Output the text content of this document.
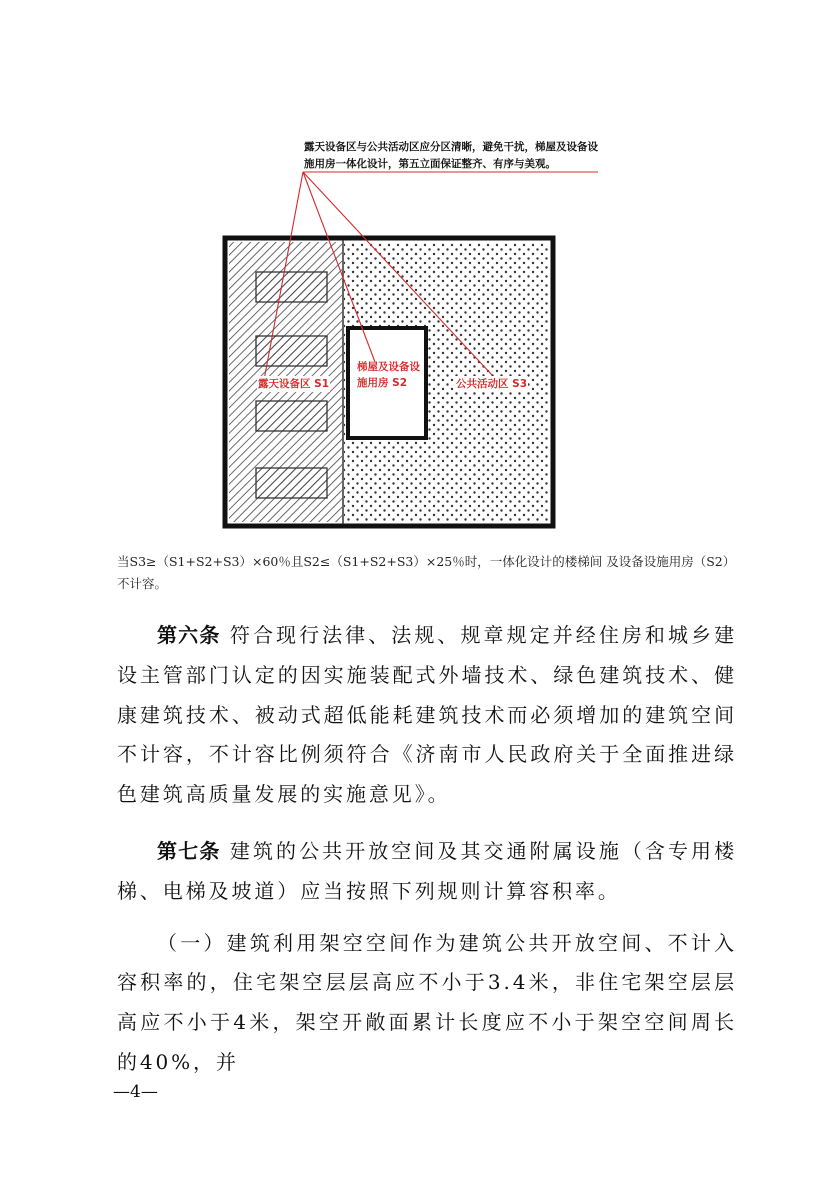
露天设备区与公共活动区应分区清晰，避免干扰，梯屋及设备设施用房一体化设计，第五立面保证整齐、有序与美观。
露天设备区 S1
梯屋及设备设施用房 S2	公共活动区 S3
当S3≥（S1+S2+S3）×60％且S2≤（S1+S2+S3）×25％时，一体化设计的楼梯间 及设备设施用房（S2）不计容。

第六条 符合现行法律、法规、规章规定并经住房和城乡建设主管部门认定的因实施装配式外墙技术、绿色建筑技术、健康建筑技术、被动式超低能耗建筑技术而必须增加的建筑空间不计容，不计容比例须符合《济南市人民政府关于全面推进绿色建筑高质量发展的实施意见》。

第七条 建筑的公共开放空间及其交通附属设施（含专用楼梯、电梯及坡道）应当按照下列规则计算容积率。

（一）建筑利用架空空间作为建筑公共开放空间、不计入容积率的，住宅架空层层高应不小于3.4米，非住宅架空层层高应不小于4米，架空开敞面累计长度应不小于架空空间周长的40%，并

—4—
